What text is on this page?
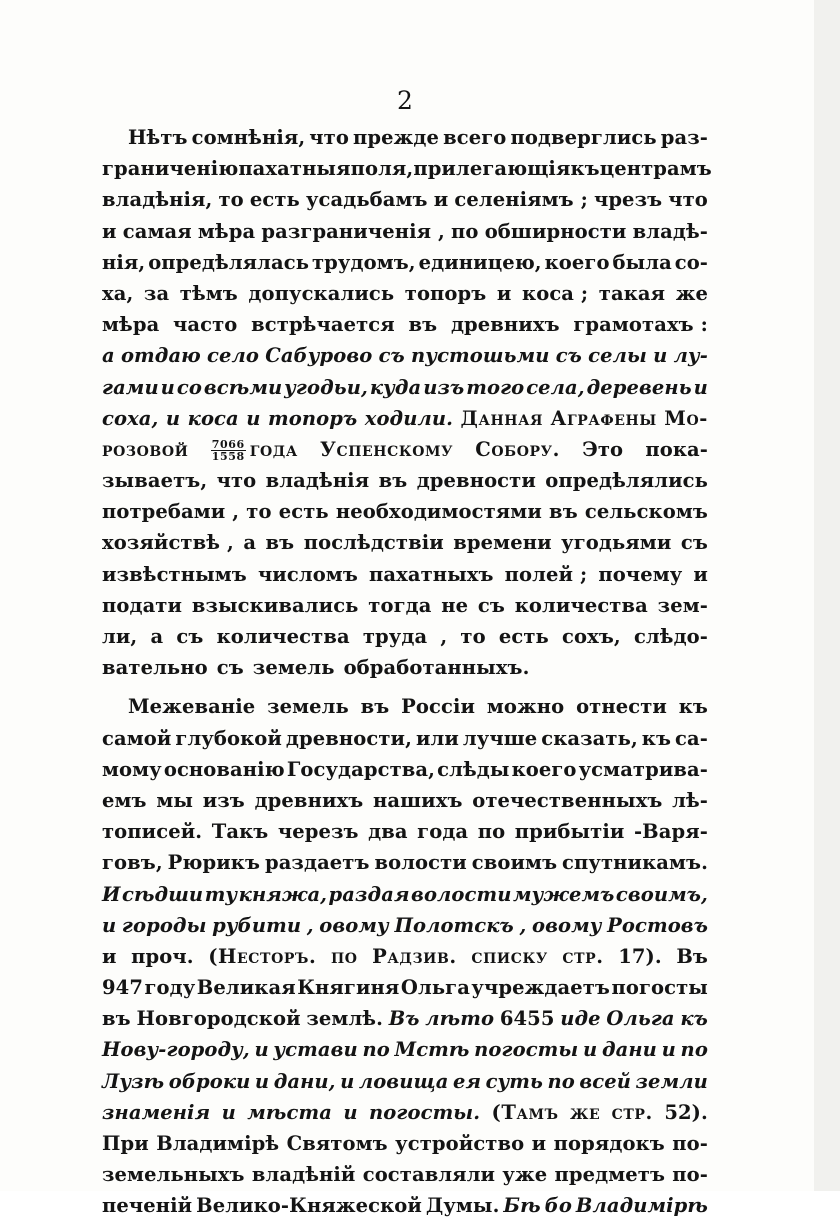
2
Нѣтъ сомнѣнія, что прежде всего подверглись раз-
граниченію пахатныя поля, прилегающія къ центрамъ
владѣнія, то есть усадьбамъ и селеніямъ ; чрезъ что
и самая мѣра разграниченія , по обширности владѣ-
нія, опредѣлялась трудомъ, единицею, коего была со-
ха, за тѣмъ допускались топоръ и коса ; такая же
мѣра часто встрѣчается въ древнихъ грамотахъ :
а отдаю село Сабурово съ пустошьми съ селы и лу-
гами и со всѣми угодьи, куда изъ того села, деревень и
соха, и коса и топоръ ходили. Данная Аграфены Мо-
розовой $\frac{7066}{1558}$ года Успенскому Собору. Это пока-
зываетъ, что владѣнія въ древности опредѣлялись
потребами , то есть необходимостями въ сельскомъ
хозяйствѣ , а въ послѣдствіи времени угодьями съ
извѣстнымъ числомъ пахатныхъ полей ; почему и
подати взыскивались тогда не съ количества зем-
ли, а съ количества труда , то есть сохъ, слѣдо-
вательно съ земель обработанныхъ.
Межеваніе земель въ Россіи можно отнести къ
самой глубокой древности, или лучше сказать, къ са-
мому основанію Государства, слѣды коего усматрива-
емъ мы изъ древнихъ нашихъ отечественныхъ лѣ-
тописей. Такъ черезъ два года по прибытіи -Варя-
говъ, Рюрикъ раздаетъ волости своимъ спутникамъ.
И сѣдши ту княжа, раздая волости мужемъ своимъ,
и городы рубити , овому Полотскъ , овому Ростовъ
и проч. (Несторъ. по Радзив. списку стр. 17). Въ
947 году Великая Княгиня Ольга учреждаетъ погосты
въ Новгородской землѣ. Въ лѣто 6455 иде Ольга къ
Нову-городу, и устави по Мстѣ погосты и дани и по
Лузѣ оброки и дани, и ловища ея суть по всей земли
знаменія и мѣста и погосты. (Тамъ же стр. 52).
При Владимірѣ Святомъ устройство и порядокъ по-
земельныхъ владѣній составляли уже предметъ по-
печеній Велико-Княжеской Думы. Бѣ бо Владимірѣ
